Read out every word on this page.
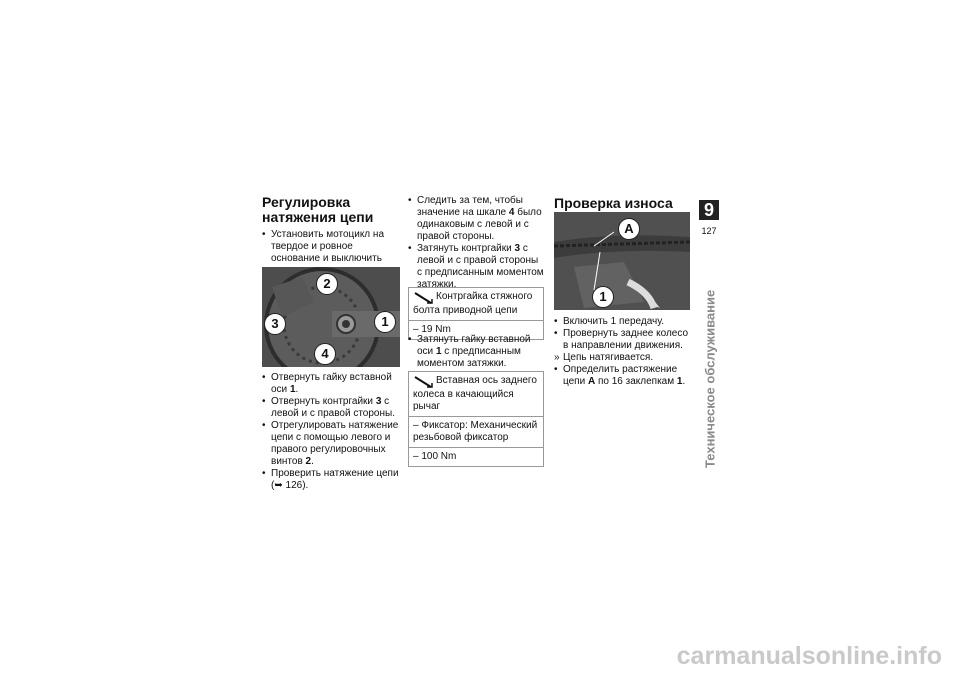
Регулировка натяжения цепи
• Установить мотоцикл на твердое и ровное основание и выключить
2
3	1
4
• Отвернуть гайку вставной оси 1.
• Отвернуть контргайки 3 с левой и с правой стороны.
• Отрегулировать натяжение цепи с помощью левого и правого регулировочных винтов 2.
• Проверить натяжение цепи (➥ 126).
• Следить за тем, чтобы значение на шкале 4 было одинаковым с левой и с правой стороны.
• Затянуть контргайки 3 с левой и с правой стороны с предписанным моментом затяжки.
Контргайка стяжного болта приводной цепи
– 19 Nm
• Затянуть гайку вставной оси 1 с предписанным моментом затяжки.
Вставная ось заднего колеса в качающийся рычаг
– Фиксатор: Механический резьбовой фиксатор
– 100 Nm
Проверка износа
A
1
• Включить 1 передачу.
• Провернуть заднее колесо в направлении движения.
» Цепь натягивается.
• Определить растяжение цепи A по 16 заклепкам 1.
9
127
Техническое обслуживание
carmanualsonline.info
